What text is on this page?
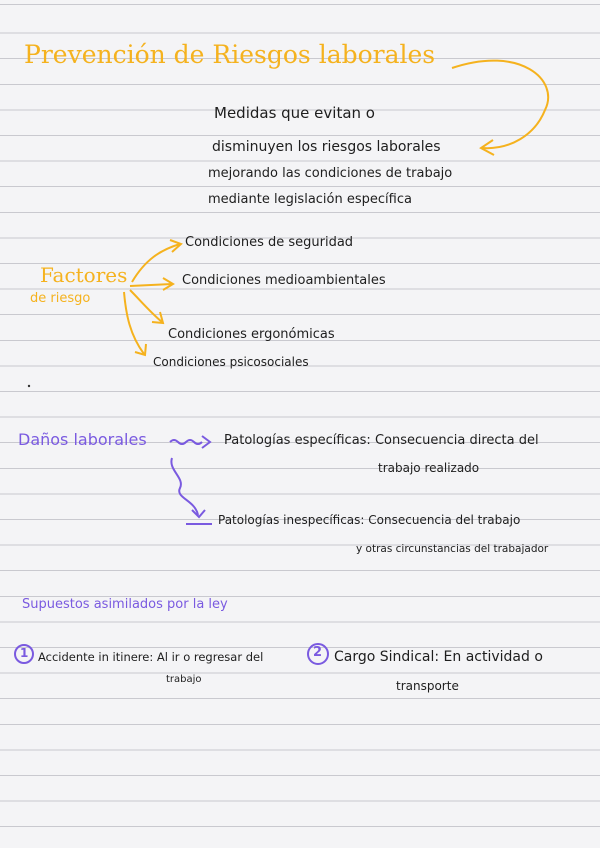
Prevención de Riesgos laborales
Medidas que evitan o
disminuyen los riesgos laborales
mejorando las condiciones de trabajo
mediante legislación específica
Factores
de riesgo
Condiciones de seguridad
Condiciones medioambientales
Condiciones ergonómicas
Condiciones psicosociales
Daños laborales	Patologías específicas: Consecuencia directa del
trabajo realizado
Patologías inespecíficas: Consecuencia del trabajo
y otras circunstancias del trabajador
Supuestos asimilados por la ley
1 Accidente in itinere: Al ir o regresar del
trabajo
2 Cargo Sindical: En actividad o
transporte
